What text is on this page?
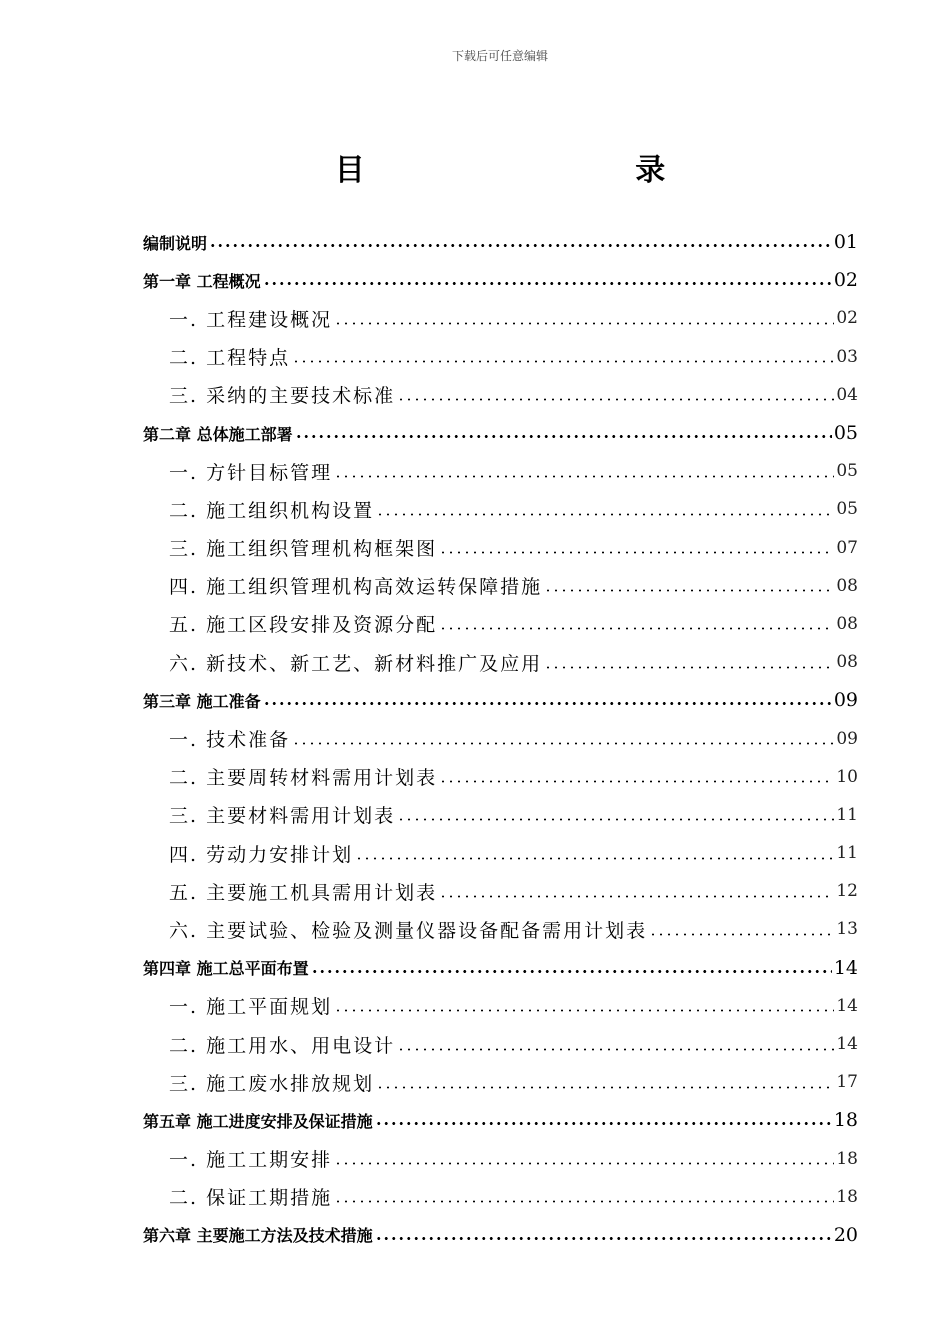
下载后可任意编辑
目 录
编制说明	01
第一章 工程概况	02
一. 工程建设概况	02
二. 工程特点	03
三. 采纳的主要技术标准	04
第二章 总体施工部署	05
一. 方针目标管理	05
二. 施工组织机构设置	05
三. 施工组织管理机构框架图	07
四. 施工组织管理机构高效运转保障措施	08
五. 施工区段安排及资源分配	08
六. 新技术、新工艺、新材料推广及应用	08
第三章 施工准备	09
一. 技术准备	09
二. 主要周转材料需用计划表	10
三. 主要材料需用计划表	11
四. 劳动力安排计划	11
五. 主要施工机具需用计划表	12
六. 主要试验、检验及测量仪器设备配备需用计划表	13
第四章 施工总平面布置	14
一. 施工平面规划	14
二. 施工用水、用电设计	14
三. 施工废水排放规划	17
第五章 施工进度安排及保证措施	18
一. 施工工期安排	18
二. 保证工期措施	18
第六章 主要施工方法及技术措施	20
